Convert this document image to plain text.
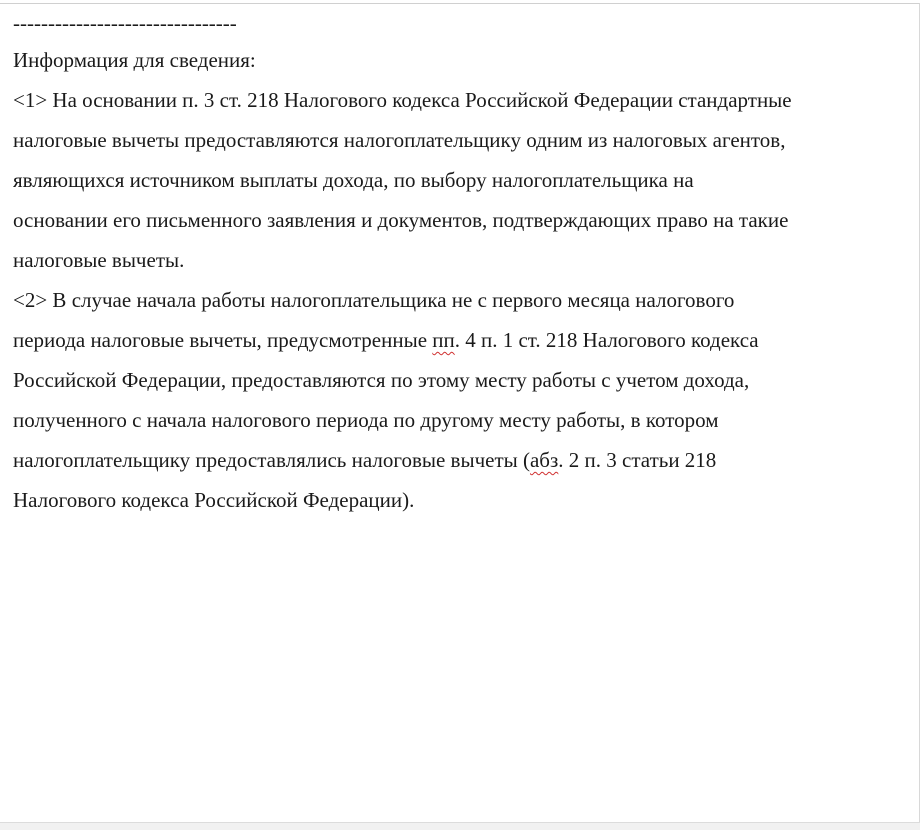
--------------------------------
Информация для сведения:
<1> На основании п. 3 ст. 218 Налогового кодекса Российской Федерации стандартные
налоговые вычеты предоставляются налогоплательщику одним из налоговых агентов,
являющихся источником выплаты дохода, по выбору налогоплательщика на
основании его письменного заявления и документов, подтверждающих право на такие
налоговые вычеты.
<2> В случае начала работы налогоплательщика не с первого месяца налогового
периода налоговые вычеты, предусмотренные пп. 4 п. 1 ст. 218 Налогового кодекса
Российской Федерации, предоставляются по этому месту работы с учетом дохода,
полученного с начала налогового периода по другому месту работы, в котором
налогоплательщику предоставлялись налоговые вычеты (абз. 2 п. 3 статьи 218
Налогового кодекса Российской Федерации).
